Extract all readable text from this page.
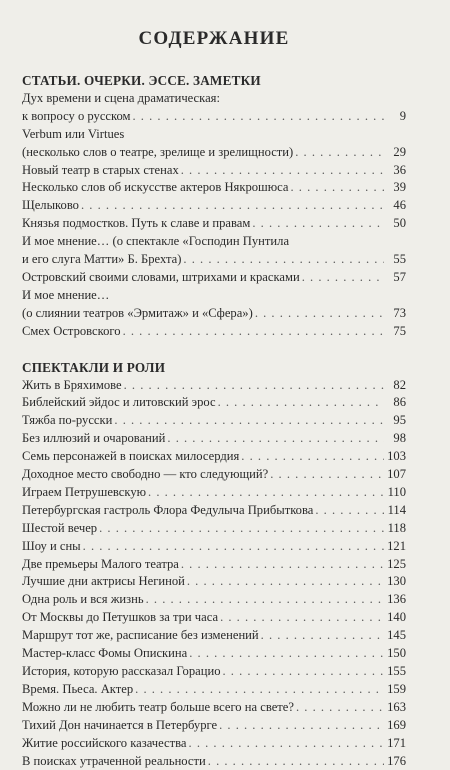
СОДЕРЖАНИЕ
СТАТЬИ. ОЧЕРКИ. ЭССЕ. ЗАМЕТКИ
Дух времени и сцена драматическая:
к вопросу о русском . . .	9
Verbum или Virtues
(несколько слов о театре, зрелище и зрелищности) . . .	29
Новый театр в старых стенах . . .	36
Несколько слов об искусстве актеров Някрошюса . . .	39
Щелыково . . .	46
Князья подмостков. Путь к славе и правам . . .	50
И мое мнение… (о спектакле «Господин Пунтила
и его слуга Матти» Б. Брехта) . . .	55
Островский своими словами, штрихами и красками . . .	57
И мое мнение…
(о слиянии театров «Эрмитаж» и «Сфера») . . .	73
Смех Островского . . .	75
СПЕКТАКЛИ И РОЛИ
Жить в Бряхимове . . .	82
Библейский эйдос и литовский эрос . . .	86
Тяжба по-русски . . .	95
Без иллюзий и очарований . . .	98
Семь персонажей в поисках милосердия . . .	103
Доходное место свободно — кто следующий? . . .	107
Играем Петрушевскую . . .	110
Петербургская гастроль Флора Федулыча Прибыткова . . .	114
Шестой вечер . . .	118
Шоу и сны . . .	121
Две премьеры Малого театра . . .	125
Лучшие дни актрисы Негиной . . .	130
Одна роль и вся жизнь . . .	136
От Москвы до Петушков за три часа . . .	140
Маршрут тот же, расписание без изменений . . .	145
Мастер-класс Фомы Опискина . . .	150
История, которую рассказал Горацио . . .	155
Время. Пьеса. Актер . . .	159
Можно ли не любить театр больше всего на свете? . . .	163
Тихий Дон начинается в Петербурге . . .	169
Житие российского казачества . . .	171
В поисках утраченной реальности . . .	176
